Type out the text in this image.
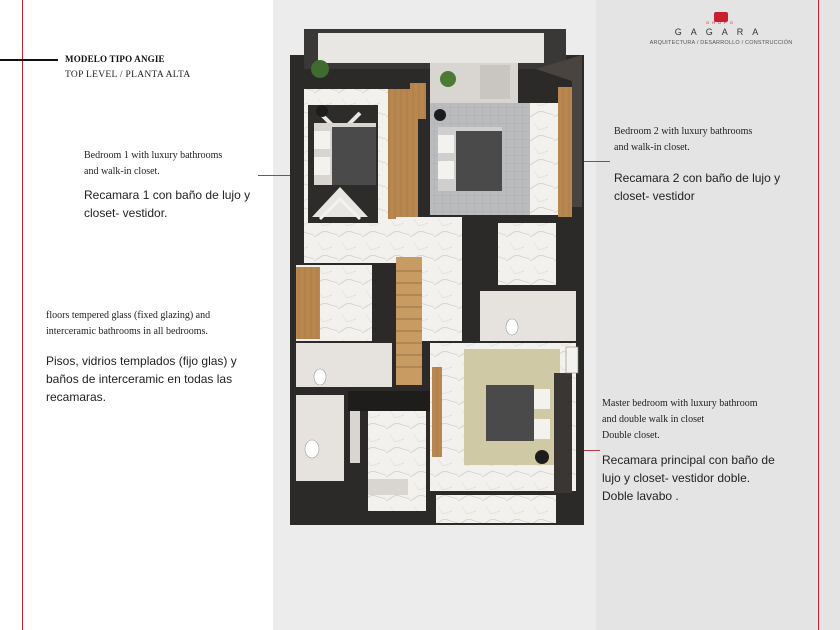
MODELO TIPO ANGIE
TOP LEVEL / PLANTA ALTA
GRUPO
GAGARA
ARQUITECTURA / DESARROLLO / CONSTRUCCIÓN
Bedroom 1 with luxury bathrooms
and walk-in closet.
Recamara 1 con baño de lujo y
closet- vestidor.
floors tempered glass (fixed glazing) and
interceramic bathrooms in all bedrooms.
Pisos, vidrios templados (fijo glas) y
baños de interceramic en todas las
recamaras.
Bedroom 2 with luxury bathrooms
and walk-in closet.
Recamara 2 con baño de lujo y
closet- vestidor
Master bedroom with luxury bathroom
and double walk in closet
Double closet.
Recamara principal con baño de
lujo y closet- vestidor doble.
Doble lavabo .
